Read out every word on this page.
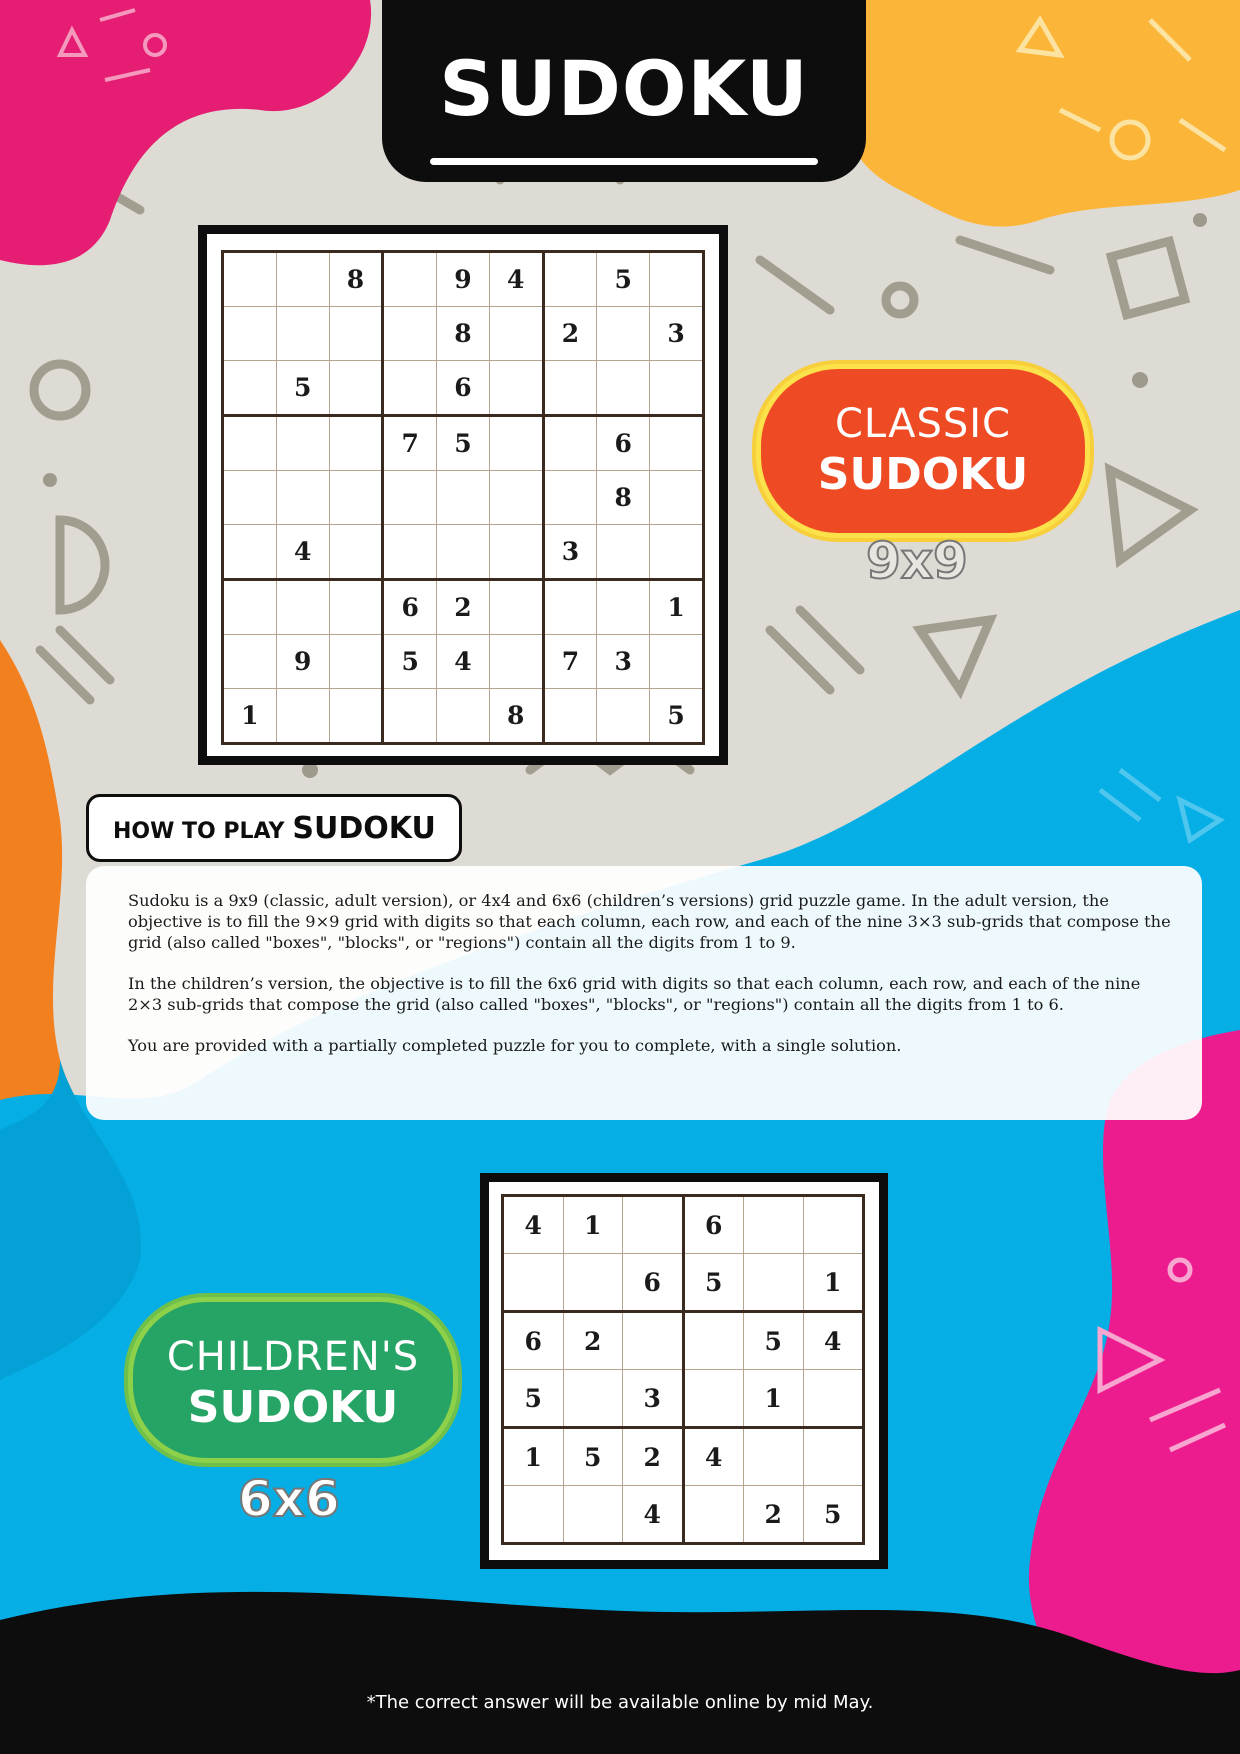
SUDOKU
		8		9	4		5	
				8		2		3
	5			6				
			7	5			6	
							8	
	4					3		
			6	2				1
	9		5	4		7	3	
1					8			5
CLASSIC
SUDOKU
9x9
HOW TO PLAY SUDOKU

Sudoku is a 9x9 (classic, adult version), or 4x4 and 6x6 (children’s versions) grid puzzle game. In the adult version, the objective is to fill the 9×9 grid with digits so that each column, each row, and each of the nine 3×3 sub-grids that compose the grid (also called "boxes", "blocks", or "regions") contain all the digits from 1 to 9.

In the children’s version, the objective is to fill the 6x6 grid with digits so that each column, each row, and each of the nine 2×3 sub-grids that compose the grid (also called "boxes", "blocks", or "regions") contain all the digits from 1 to 6.

You are provided with a partially completed puzzle for you to complete, with a single solution.

4	1		6		
		6	5		1
6	2			5	4
5		3		1	
1	5	2	4		
		4		2	5
CHILDREN'S
SUDOKU
6x6
*The correct answer will be available online by mid May.
